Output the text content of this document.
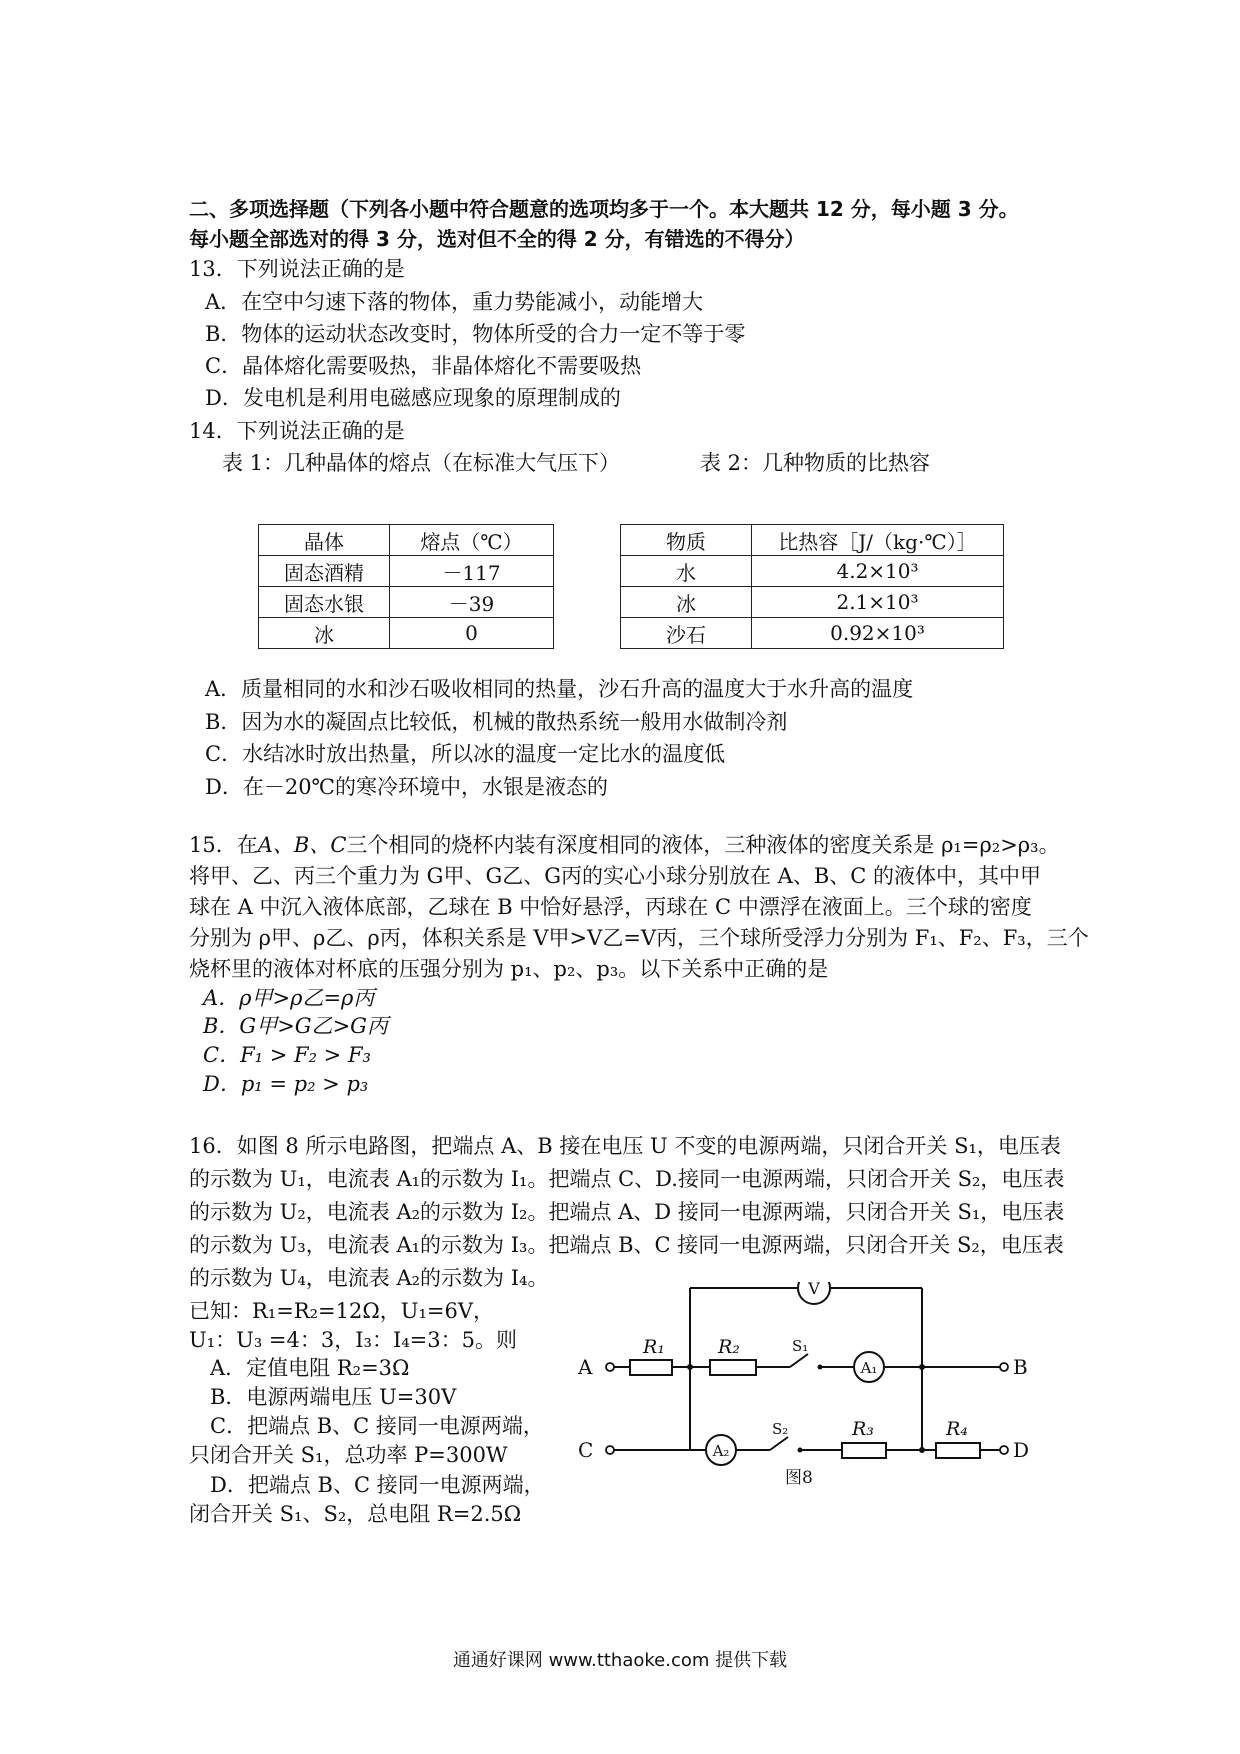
二、多项选择题（下列各小题中符合题意的选项均多于一个。本大题共 12 分，每小题 3 分。
每小题全部选对的得 3 分，选对但不全的得 2 分，有错选的不得分）
13．下列说法正确的是
A．在空中匀速下落的物体，重力势能减小，动能增大
B．物体的运动状态改变时，物体所受的合力一定不等于零
C．晶体熔化需要吸热，非晶体熔化不需要吸热
D．发电机是利用电磁感应现象的原理制成的
14．下列说法正确的是
表 1：几种晶体的熔点（在标准大气压下）	表 2：几种物质的比热容
晶体	熔点（℃）
固态酒精	－117
固态水银	－39
冰	0
物质	比热容［J/（kg·℃）］
水	4.2×10³
冰	2.1×10³
沙石	0.92×10³
A．质量相同的水和沙石吸收相同的热量，沙石升高的温度大于水升高的温度
B．因为水的凝固点比较低，机械的散热系统一般用水做制冷剂
C．水结冰时放出热量，所以冰的温度一定比水的温度低
D．在－20℃的寒冷环境中，水银是液态的
15．在A、B、C三个相同的烧杯内装有深度相同的液体，三种液体的密度关系是 ρ₁=ρ₂>ρ₃。
将甲、乙、丙三个重力为 G甲、G乙、G丙的实心小球分别放在 A、B、C 的液体中，其中甲
球在 A 中沉入液体底部，乙球在 B 中恰好悬浮，丙球在 C 中漂浮在液面上。三个球的密度
分别为 ρ甲、ρ乙、ρ丙，体积关系是 V甲>V乙=V丙，三个球所受浮力分别为 F₁、F₂、F₃，三个
烧杯里的液体对杯底的压强分别为 p₁、p₂、p₃。以下关系中正确的是
A．ρ甲>ρ乙=ρ丙
B．G甲>G乙>G丙
C．F₁ > F₂ > F₃
D．p₁ = p₂ > p₃
16．如图 8 所示电路图，把端点 A、B 接在电压 U 不变的电源两端，只闭合开关 S₁，电压表
的示数为 U₁，电流表 A₁的示数为 I₁。把端点 C、D.接同一电源两端，只闭合开关 S₂，电压表
的示数为 U₂，电流表 A₂的示数为 I₂。把端点 A、D 接同一电源两端，只闭合开关 S₁，电压表
的示数为 U₃，电流表 A₁的示数为 I₃。把端点 B、C 接同一电源两端，只闭合开关 S₂，电压表
的示数为 U₄，电流表 A₂的示数为 I₄。
已知：R₁=R₂=12Ω，U₁=6V，
U₁：U₃ =4：3，I₃：I₄=3：5。则
A．定值电阻 R₂=3Ω
B．电源两端电压 U=30V
C．把端点 B、C 接同一电源两端，
只闭合开关 S₁，总功率 P=300W
D．把端点 B、C 接同一电源两端，
闭合开关 S₁、S₂，总电阻 R=2.5Ω
V
A₁
A₂
R₁	R₂
R₃	R₄
S₁
S₂
A	B
C	D
图8
通通好课网 www.tthaoke.com 提供下载
